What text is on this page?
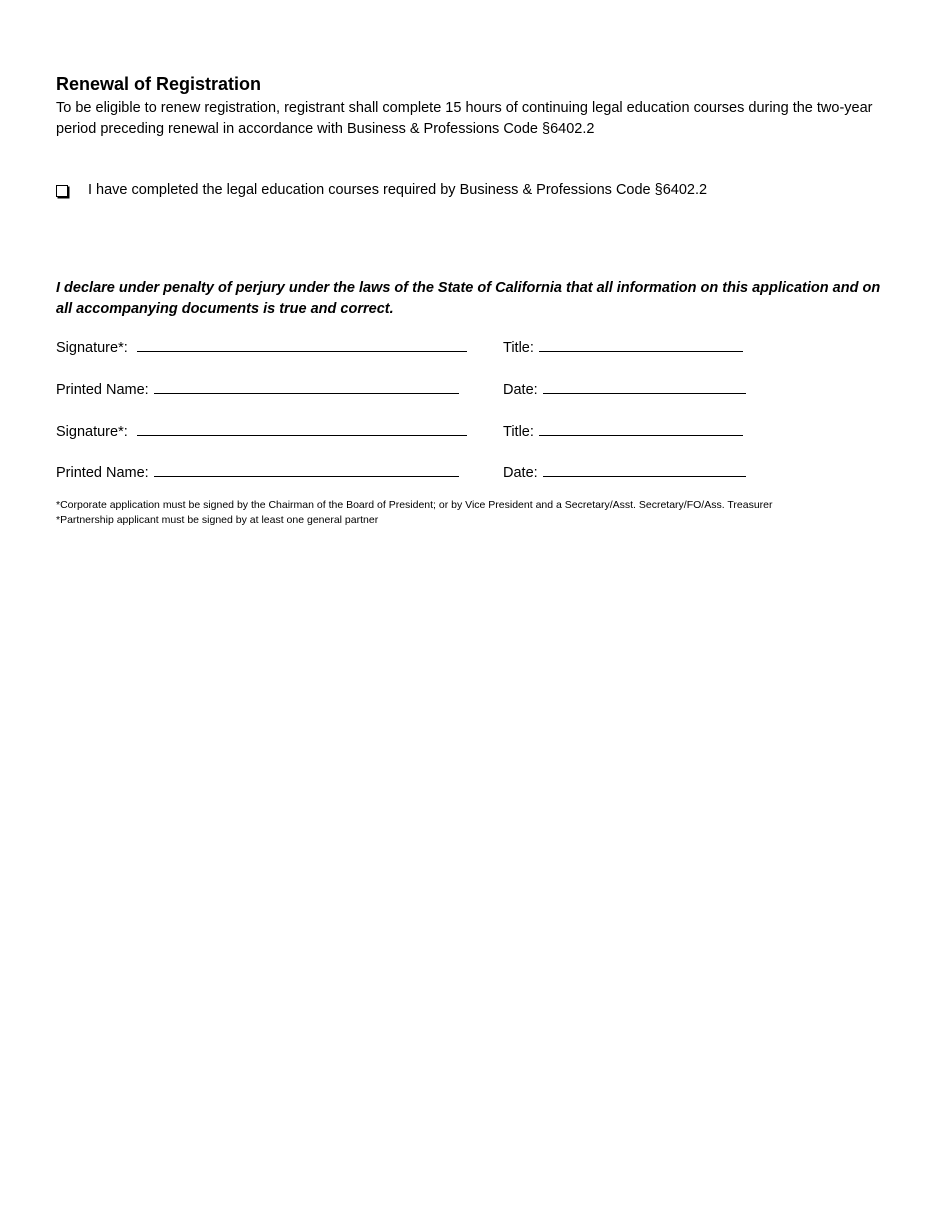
Renewal of Registration

To be eligible to renew registration, registrant shall complete 15 hours of continuing legal education courses during the two-year period preceding renewal in accordance with Business & Professions Code §6402.2

I have completed the legal education courses required by Business & Professions Code §6402.2

I declare under penalty of perjury under the laws of the State of California that all information on this application and on all accompanying documents is true and correct.

Signature*:	Title:
Printed Name:	Date:
Signature*:	Title:
Printed Name:	Date:

*Corporate application must be signed by the Chairman of the Board of President; or by Vice President and a Secretary/Asst. Secretary/FO/Ass. Treasurer

*Partnership applicant must be signed by at least one general partner
